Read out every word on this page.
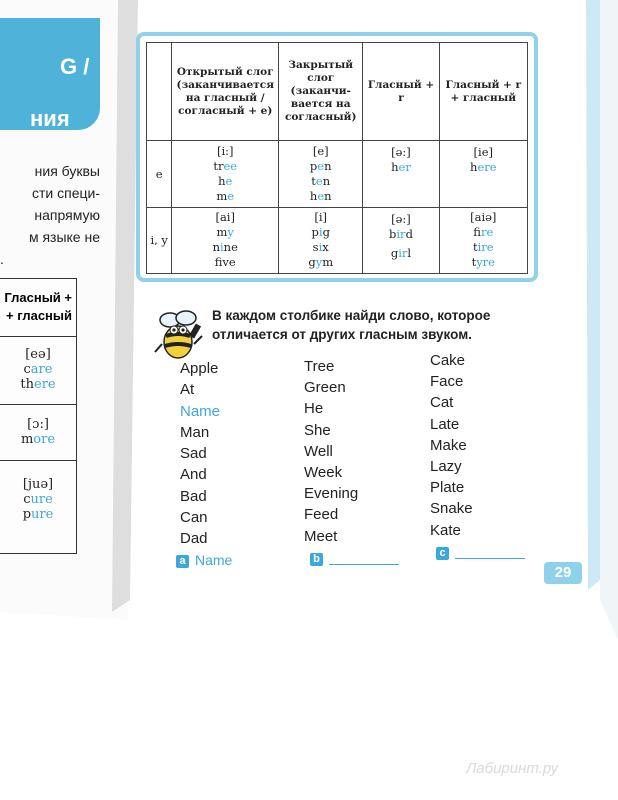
G /
ния
ния буквы
сти специ-
напрямую
м языке не
.
Гласный + + гласный
[eə]
care
there
[ɔ:]
more
[juə]
cure
pure
	Открытый слог (заканчивается на гласный / согласный + е)	Закрытый слог (заканчи-вается на согласный)	Гласный + r	Гласный + r + гласный
e	[i:]
tree
he
me	[e]
pen
ten
hen	[ə:]
her	[ie]
here

i, y	[ai]
my
nine
fve	[i]
pig
six
gym	[ə:]
bird
girl	[aiə]
fire
tire
tyre
В каждом столбике найди слово, которое отличается от других гласным звуком.
Apple
At
Name
Man
Sad
And
Bad
Can
Dad
Tree
Green
He
She
Well
Week
Evening
Feed
Meet
Cake
Face
Cat
Late
Make
Lazy
Plate
Snake
Kate
a Name	b	c
29
Лабиринт.ру
